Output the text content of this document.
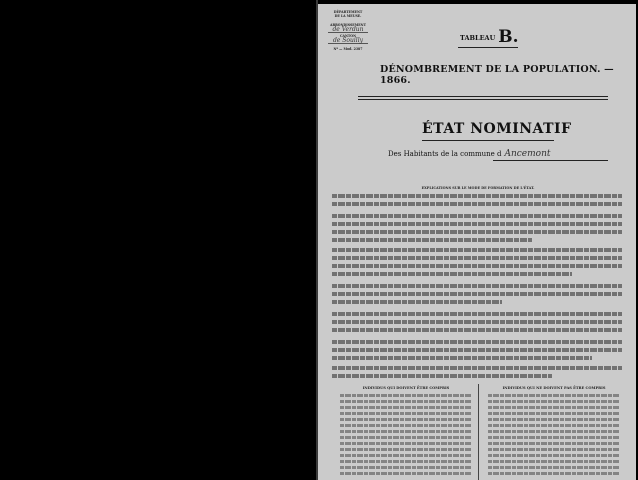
DÉPARTEMENT
DE LA MEUSE.
ARRONDISSEMENT
de Verdun
CANTON
de Souilly
Nº — Mod. 2387
TABLEAU B.
DÉNOMBREMENT DE LA POPULATION. — 1866.
ÉTAT NOMINATIF
Des Habitants de la commune d Ancemont
EXPLICATIONS SUR LE MODE DE FORMATION DE L'ÉTAT.
INDIVIDUS QUI DOIVENT ÊTRE COMPRIS	INDIVIDUS QUI NE DOIVENT PAS ÊTRE COMPRIS
